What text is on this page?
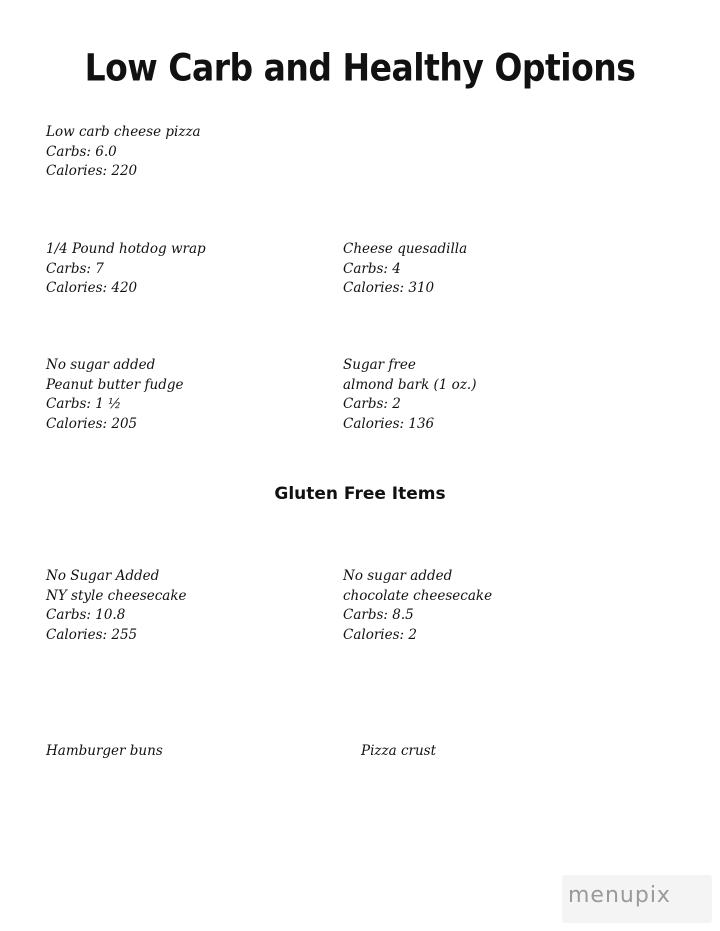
Low Carb and Healthy Options
Low carb cheese pizza
Carbs: 6.0
Calories: 220
1/4 Pound hotdog wrap
Carbs: 7
Calories: 420
Cheese quesadilla
Carbs: 4
Calories: 310
No sugar added
Peanut butter fudge
Carbs: 1 ½
Calories: 205
Sugar free
almond bark (1 oz.)
Carbs: 2
Calories: 136
Gluten Free Items
No Sugar Added
NY style cheesecake
Carbs: 10.8
Calories: 255
No sugar added
chocolate cheesecake
Carbs: 8.5
Calories: 2
Hamburger buns	Pizza crust
menupix
